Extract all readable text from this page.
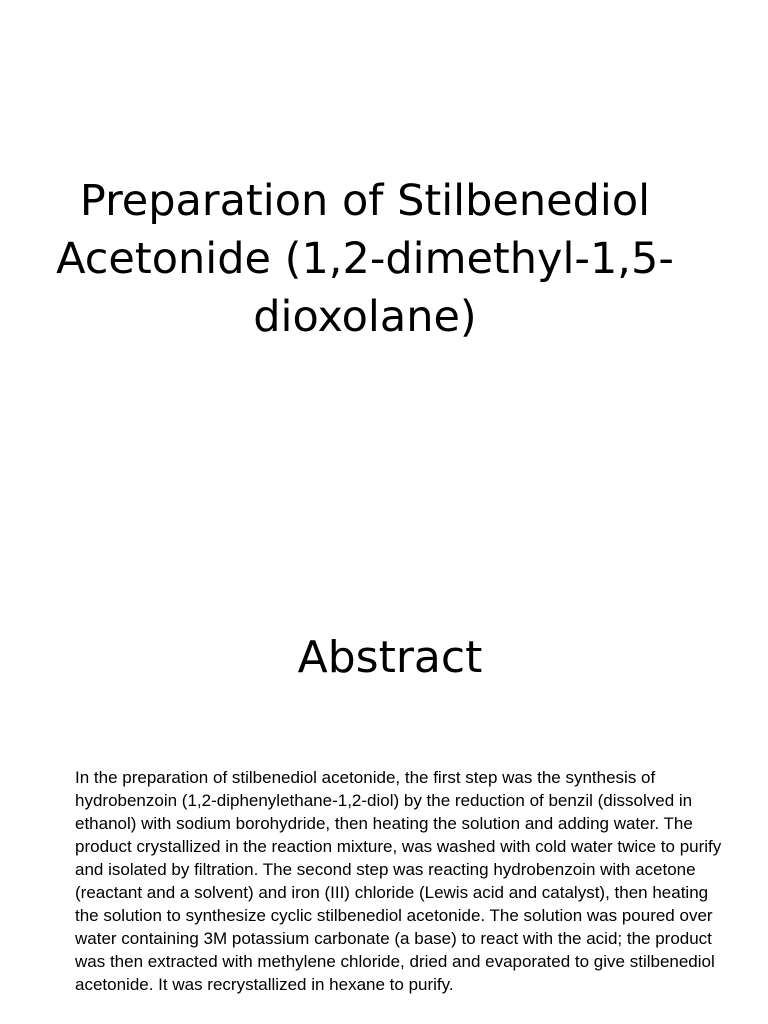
Preparation of Stilbenediol Acetonide (1,2-dimethyl-1,5-dioxolane)
Abstract

In the preparation of stilbenediol acetonide, the first step was the synthesis of hydrobenzoin (1,2-diphenylethane-1,2-diol) by the reduction of benzil (dissolved in ethanol) with sodium borohydride, then heating the solution and adding water. The product crystallized in the reaction mixture, was washed with cold water twice to purify and isolated by filtration. The second step was reacting hydrobenzoin with acetone (reactant and a solvent) and iron (III) chloride (Lewis acid and catalyst), then heating the solution to synthesize cyclic stilbenediol acetonide. The solution was poured over water containing 3M potassium carbonate (a base) to react with the acid; the product was then extracted with methylene chloride, dried and evaporated to give stilbenediol acetonide. It was recrystallized in hexane to purify.
